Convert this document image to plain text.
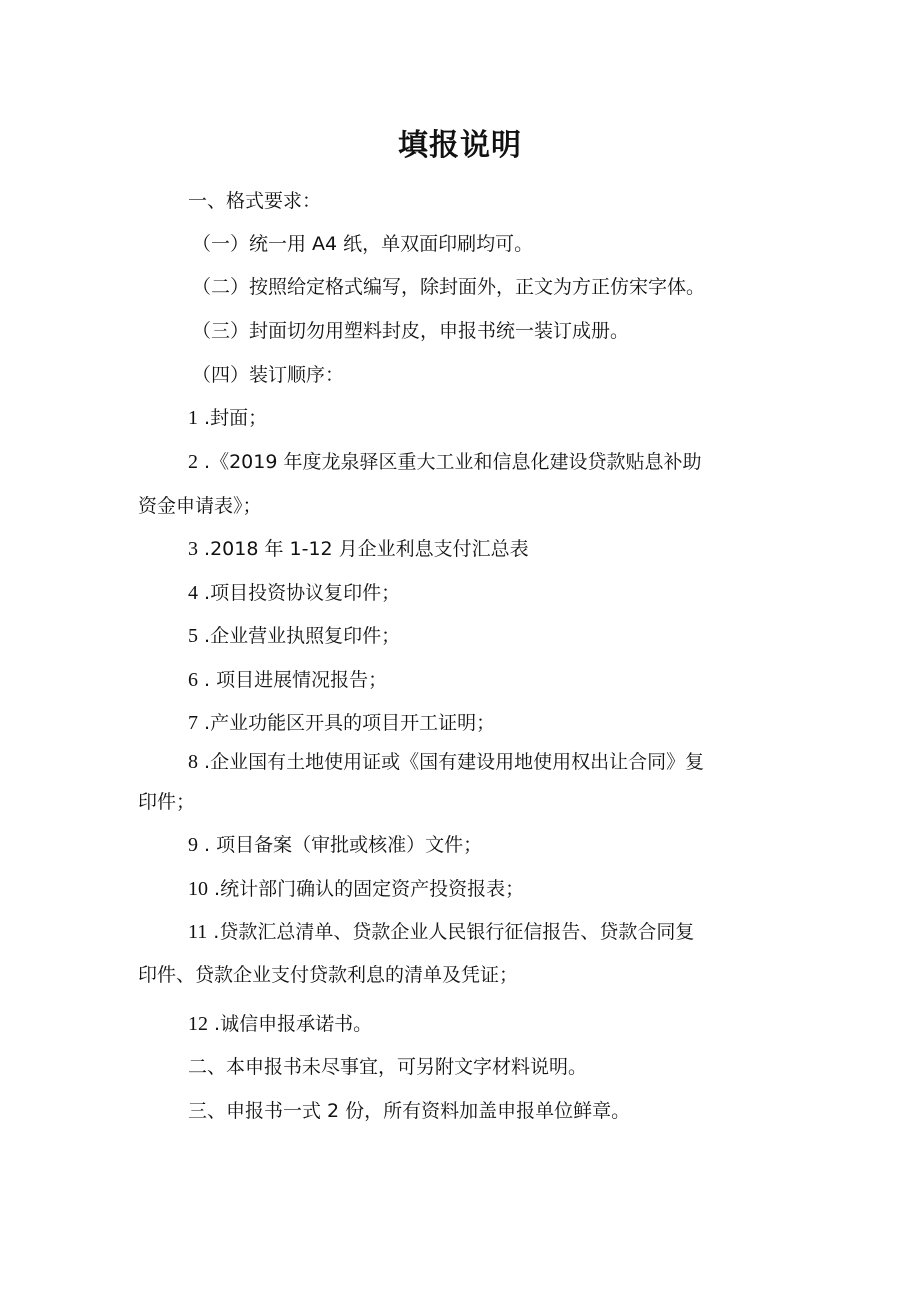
填报说明
一、格式要求：
（一）统一用 A4 纸，单双面印刷均可。
（二）按照给定格式编写，除封面外，正文为方正仿宋字体。
（三）封面切勿用塑料封皮，申报书统一装订成册。
（四）装订顺序：
1 .封面；
2 .《2019 年度龙泉驿区重大工业和信息化建设贷款贴息补助
资金申请表》；
3 .2018 年 1-12 月企业利息支付汇总表
4 .项目投资协议复印件；
5 .企业营业执照复印件；
6 . 项目进展情况报告；
7 .产业功能区开具的项目开工证明；
8 .企业国有土地使用证或《国有建设用地使用权出让合同》复
印件；
9 . 项目备案（审批或核准）文件；
10 .统计部门确认的固定资产投资报表；
11 .贷款汇总清单、贷款企业人民银行征信报告、贷款合同复
印件、贷款企业支付贷款利息的清单及凭证；
12 .诚信申报承诺书。
二、本申报书未尽事宜，可另附文字材料说明。
三、申报书一式 2 份，所有资料加盖申报单位鲜章。
